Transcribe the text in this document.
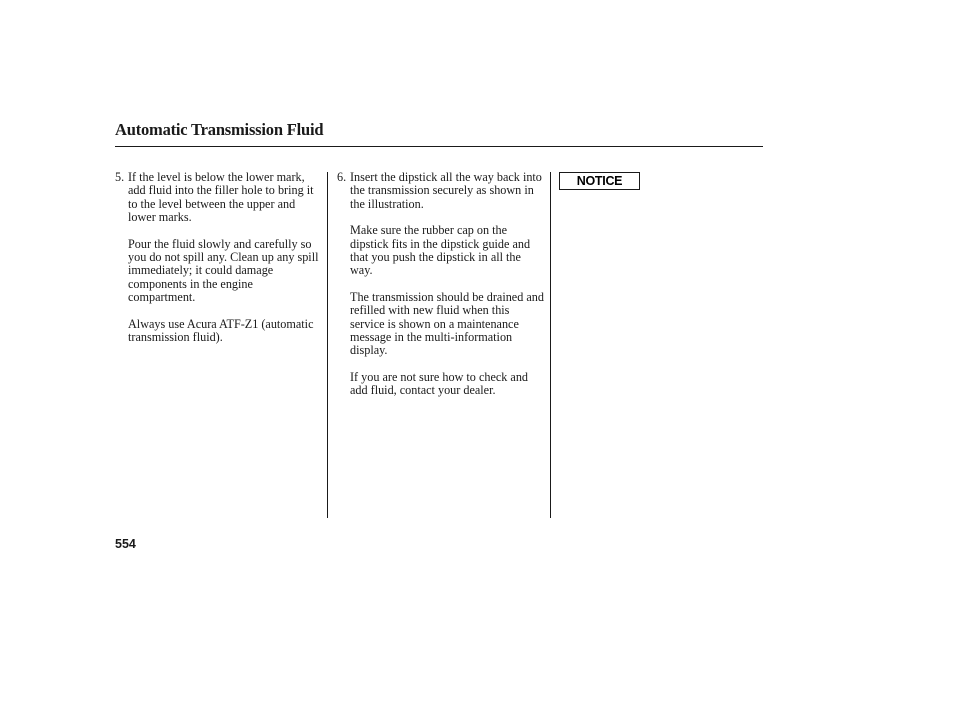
Automatic Transmission Fluid

5. If the level is below the lower mark, add fluid into the filler hole to bring it to the level between the upper and lower marks.

Pour the fluid slowly and carefully so you do not spill any. Clean up any spill immediately; it could damage components in the engine compartment.

Always use Acura ATF-Z1 (automatic transmission fluid).

6. Insert the dipstick all the way back into the transmission securely as shown in the illustration.

Make sure the rubber cap on the dipstick fits in the dipstick guide and that you push the dipstick in all the way.

The transmission should be drained and refilled with new fluid when this service is shown on a maintenance message in the multi-information display.

If you are not sure how to check and add fluid, contact your dealer.

NOTICE
554
